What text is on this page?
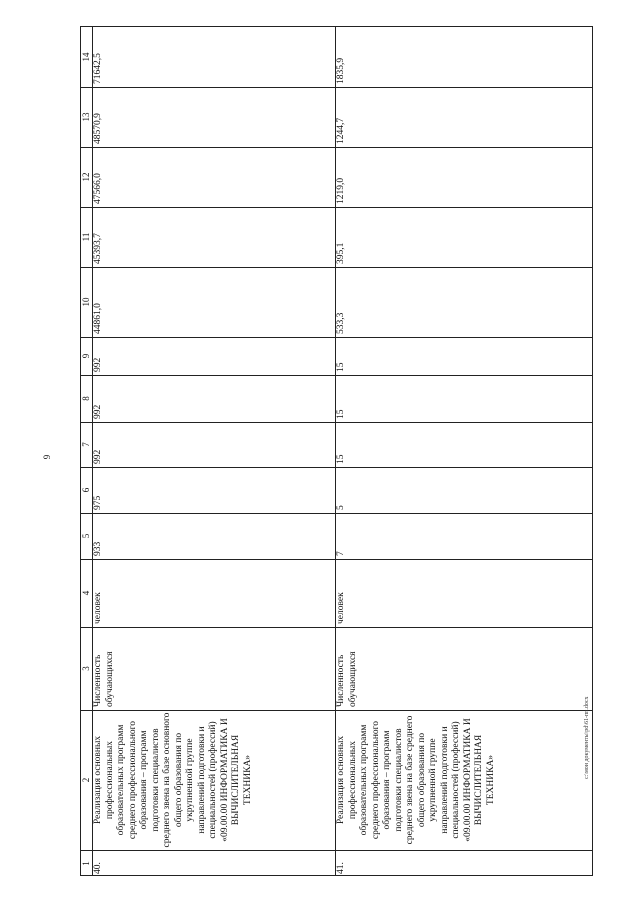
9
1
2
3
4
5
6
7
8
9
10
11
12
13
14
40.
Реализация основных профессиональных образовательных программ среднего профессионального образования – программ подготовки специалистов среднего звена на базе основного общего образования по укрупненной группе направлений подготовки и специальностей (профессий) «09.00.00 ИНФОРМАТИКА И ВЫЧИСЛИТЕЛЬНАЯ ТЕХНИКА»
Численность обучающихся
человек
933
975
992
992
992
44861,0
45393,7
47566,0
48570,9
71642,5
41.
Реализация основных профессиональных образовательных программ среднего профессионального образования – программ подготовки специалистов среднего звена на базе среднего общего образования по укрупненной группе направлений подготовки и специальностей (профессий) «09.00.00 ИНФОРМАТИКА И ВЫЧИСЛИТЕЛЬНАЯ ТЕХНИКА»
Численность обучающихся
человек
7
5
15
15
15
533,3
395,1
1219,0
1244,7
1835,9
с:\мои документы\рd\61-пп.docx
